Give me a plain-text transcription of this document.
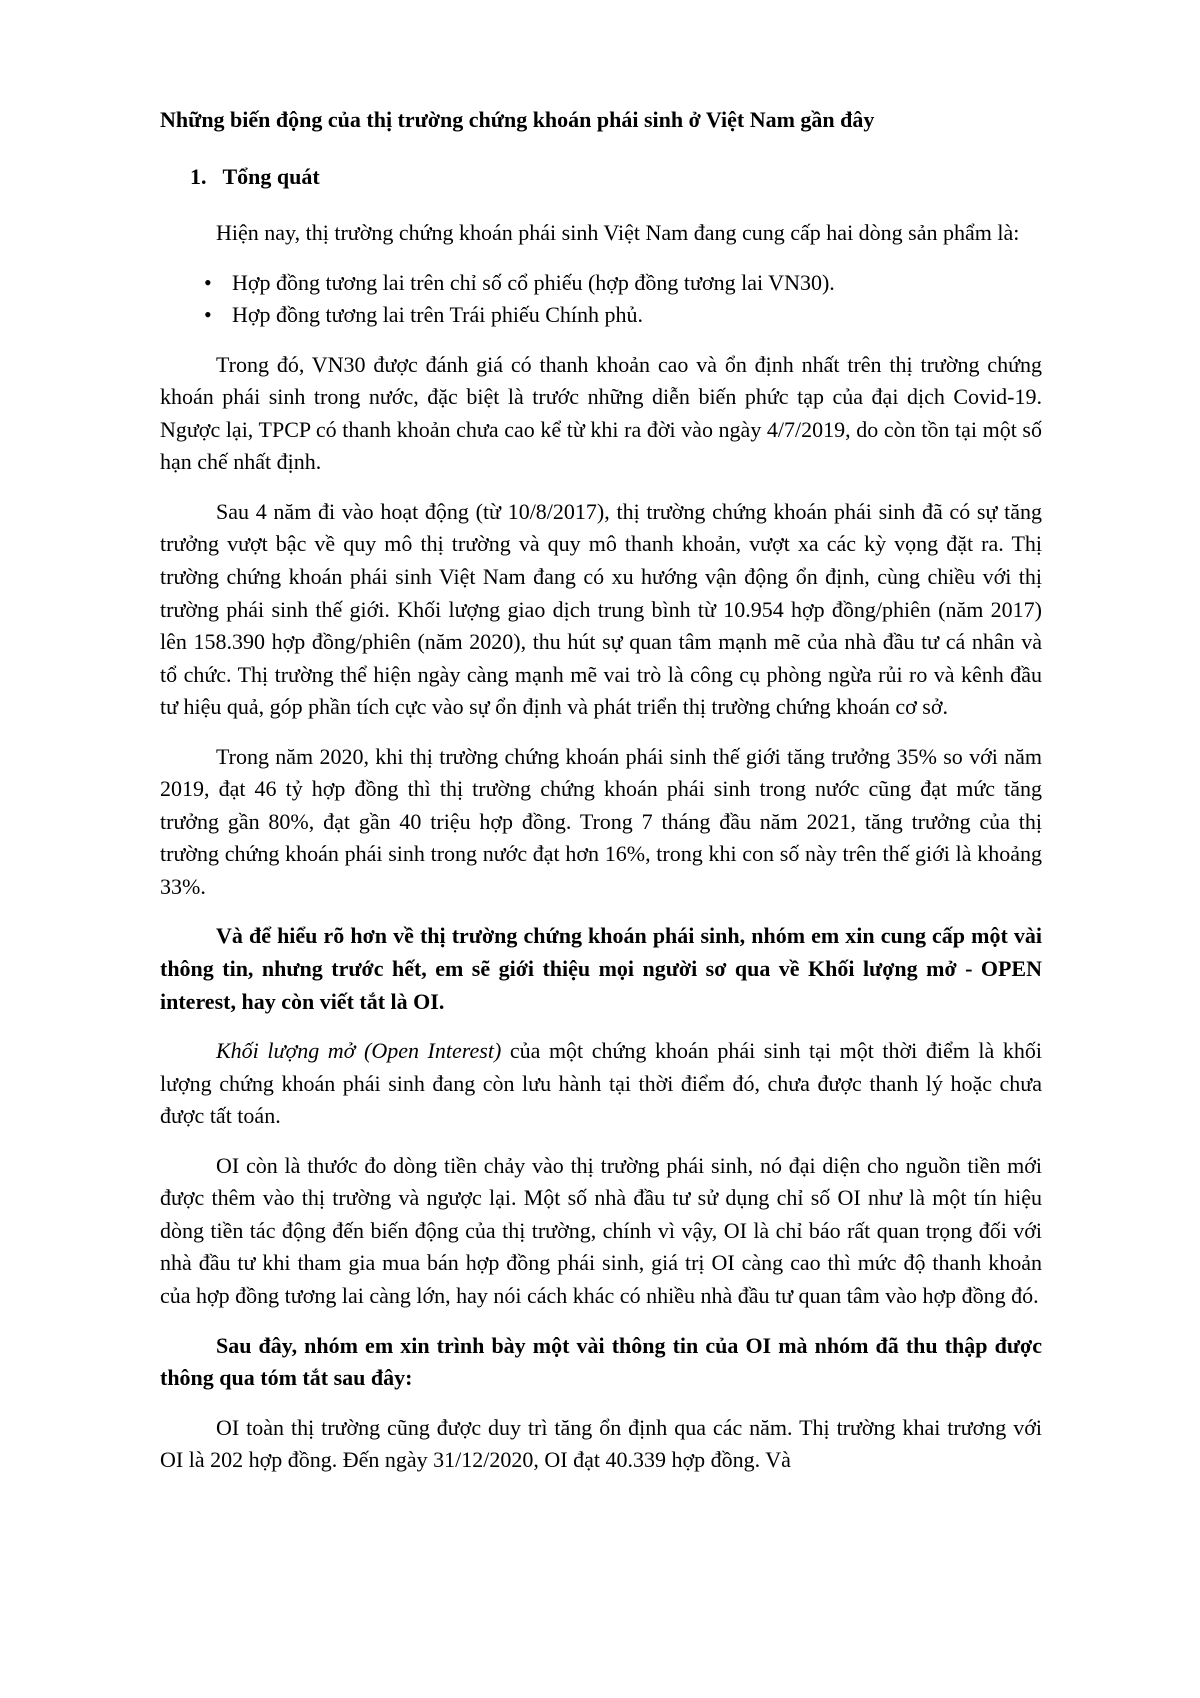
Những biến động của thị trường chứng khoán phái sinh ở Việt Nam gần đây
1. Tổng quát

Hiện nay, thị trường chứng khoán phái sinh Việt Nam đang cung cấp hai dòng sản phẩm là:

• Hợp đồng tương lai trên chỉ số cổ phiếu (hợp đồng tương lai VN30).
• Hợp đồng tương lai trên Trái phiếu Chính phủ.

Trong đó, VN30 được đánh giá có thanh khoản cao và ổn định nhất trên thị trường chứng khoán phái sinh trong nước, đặc biệt là trước những diễn biến phức tạp của đại dịch Covid-19. Ngược lại, TPCP có thanh khoản chưa cao kể từ khi ra đời vào ngày 4/7/2019, do còn tồn tại một số hạn chế nhất định.

Sau 4 năm đi vào hoạt động (từ 10/8/2017), thị trường chứng khoán phái sinh đã có sự tăng trưởng vượt bậc về quy mô thị trường và quy mô thanh khoản, vượt xa các kỳ vọng đặt ra. Thị trường chứng khoán phái sinh Việt Nam đang có xu hướng vận động ổn định, cùng chiều với thị trường phái sinh thế giới. Khối lượng giao dịch trung bình từ 10.954 hợp đồng/phiên (năm 2017) lên 158.390 hợp đồng/phiên (năm 2020), thu hút sự quan tâm mạnh mẽ của nhà đầu tư cá nhân và tổ chức. Thị trường thể hiện ngày càng mạnh mẽ vai trò là công cụ phòng ngừa rủi ro và kênh đầu tư hiệu quả, góp phần tích cực vào sự ổn định và phát triển thị trường chứng khoán cơ sở.

Trong năm 2020, khi thị trường chứng khoán phái sinh thế giới tăng trưởng 35% so với năm 2019, đạt 46 tỷ hợp đồng thì thị trường chứng khoán phái sinh trong nước cũng đạt mức tăng trưởng gần 80%, đạt gần 40 triệu hợp đồng. Trong 7 tháng đầu năm 2021, tăng trưởng của thị trường chứng khoán phái sinh trong nước đạt hơn 16%, trong khi con số này trên thế giới là khoảng 33%.

Và để hiểu rõ hơn về thị trường chứng khoán phái sinh, nhóm em xin cung cấp một vài thông tin, nhưng trước hết, em sẽ giới thiệu mọi người sơ qua về Khối lượng mở - OPEN interest, hay còn viết tắt là OI.

Khối lượng mở (Open Interest) của một chứng khoán phái sinh tại một thời điểm là khối lượng chứng khoán phái sinh đang còn lưu hành tại thời điểm đó, chưa được thanh lý hoặc chưa được tất toán.

OI còn là thước đo dòng tiền chảy vào thị trường phái sinh, nó đại diện cho nguồn tiền mới được thêm vào thị trường và ngược lại. Một số nhà đầu tư sử dụng chỉ số OI như là một tín hiệu dòng tiền tác động đến biến động của thị trường, chính vì vậy, OI là chỉ báo rất quan trọng đối với nhà đầu tư khi tham gia mua bán hợp đồng phái sinh, giá trị OI càng cao thì mức độ thanh khoản của hợp đồng tương lai càng lớn, hay nói cách khác có nhiều nhà đầu tư quan tâm vào hợp đồng đó.

Sau đây, nhóm em xin trình bày một vài thông tin của OI mà nhóm đã thu thập được thông qua tóm tắt sau đây:

OI toàn thị trường cũng được duy trì tăng ổn định qua các năm. Thị trường khai trương với OI là 202 hợp đồng. Đến ngày 31/12/2020, OI đạt 40.339 hợp đồng. Và
